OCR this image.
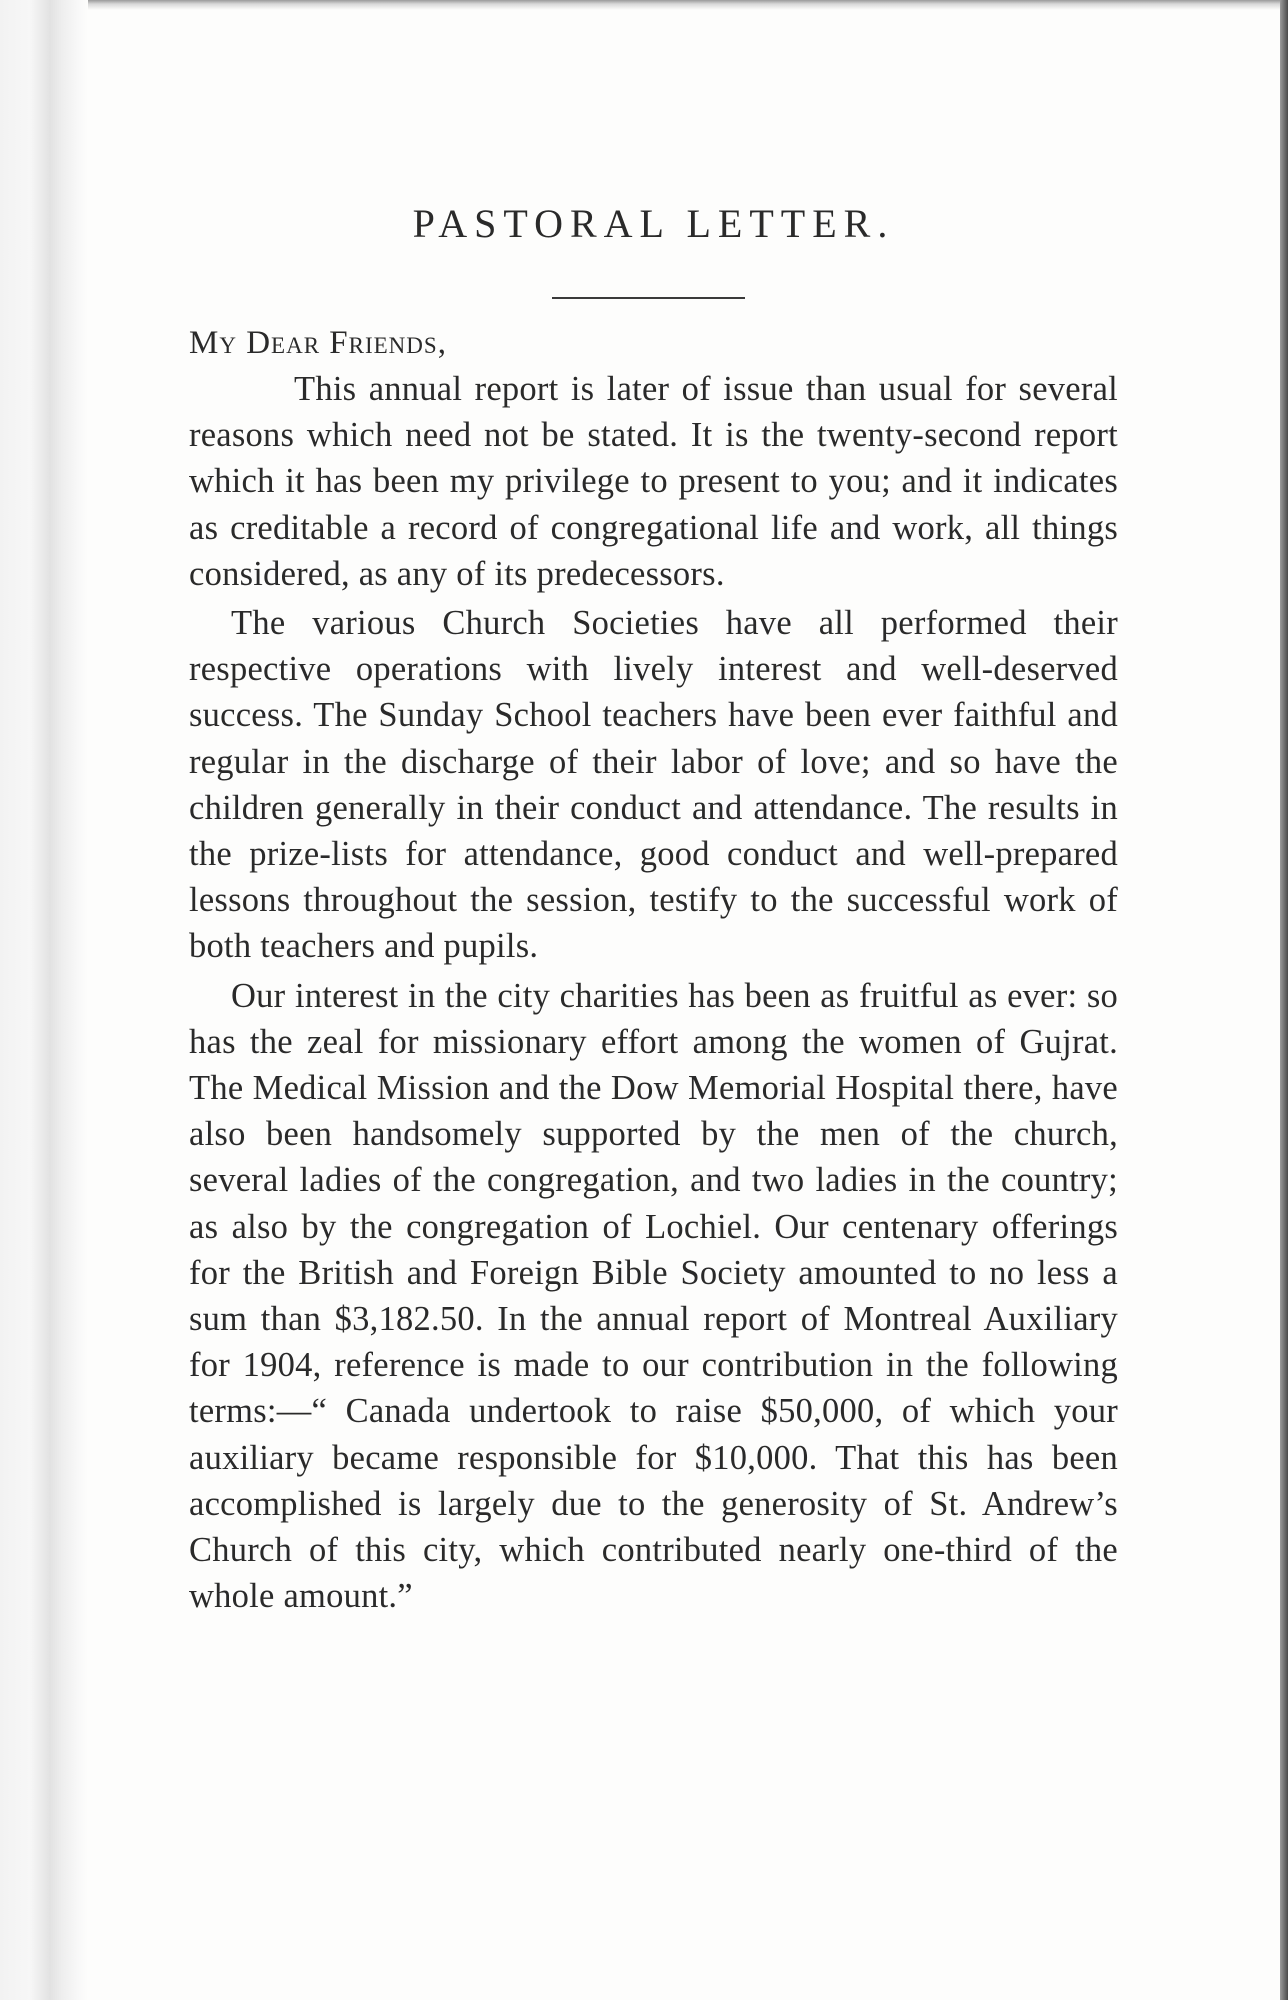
PASTORAL LETTER.
My Dear Friends,

This annual report is later of issue than usual for several reasons which need not be stated. It is the twenty-second report which it has been my privilege to present to you; and it indicates as creditable a record of congregational life and work, all things considered, as any of its predecessors.

The various Church Societies have all performed their respective operations with lively interest and well-deserved success. The Sunday School teachers have been ever faithful and regular in the discharge of their labor of love; and so have the children generally in their conduct and attendance. The results in the prize-lists for attendance, good conduct and well-prepared lessons throughout the session, testify to the successful work of both teachers and pupils.

Our interest in the city charities has been as fruitful as ever: so has the zeal for missionary effort among the women of Gujrat. The Medical Mission and the Dow Memorial Hospital there, have also been handsomely supported by the men of the church, several ladies of the congregation, and two ladies in the country; as also by the congregation of Lochiel. Our centenary offerings for the British and Foreign Bible Society amounted to no less a sum than $3,182.50. In the annual report of Montreal Auxiliary for 1904, reference is made to our contribution in the following terms:—“ Canada undertook to raise $50,000, of which your auxiliary became responsible for $10,000. That this has been accomplished is largely due to the generosity of St. Andrew’s Church of this city, which contributed nearly one-third of the whole amount.”
